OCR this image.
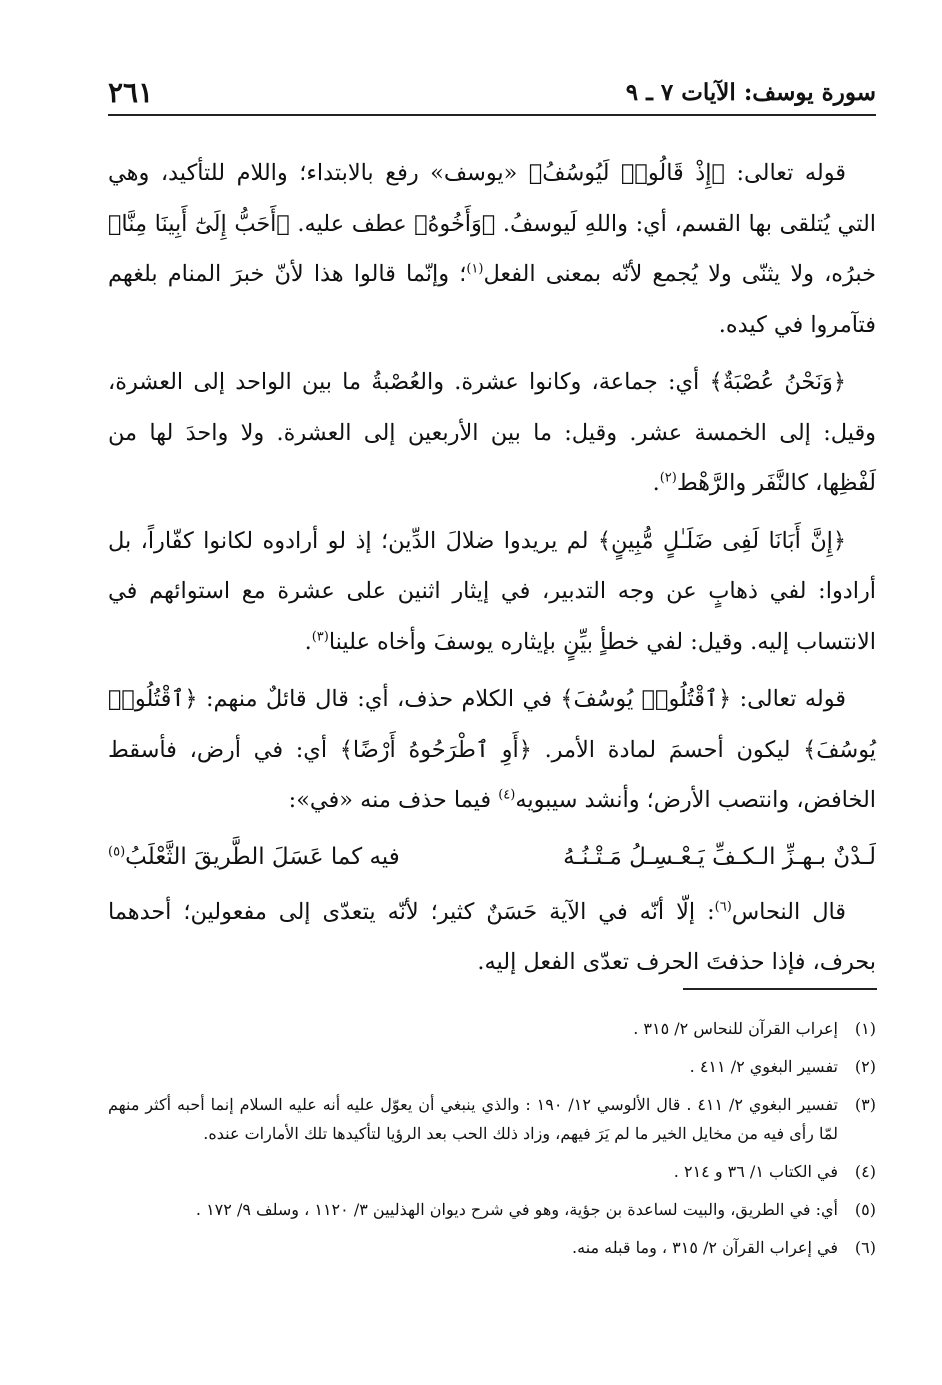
سورة يوسف: الآيات ٧ ـ ٩
٢٦١

قوله تعالى: ﴿إِذْ قَالُوا۟ لَيُوسُفُ﴾ «يوسف» رفع بالابتداء؛ واللام للتأكيد، وهي التي يُتلقى بها القسم، أي: واللهِ لَيوسفُ. ﴿وَأَخُوهُ﴾ عطف عليه. ﴿أَحَبُّ إِلَىٰٓ أَبِينَا مِنَّا﴾ خبرُه، ولا يثنّى ولا يُجمع لأنّه بمعنى الفعل$^{(١)}$؛ وإنّما قالوا هذا لأنّ خبرَ المنام بلغهم فتآمروا في كيده.

﴿وَنَحْنُ عُصْبَةٌ﴾ أي: جماعة، وكانوا عشرة. والعُصْبةُ ما بين الواحد إلى العشرة، وقيل: إلى الخمسة عشر. وقيل: ما بين الأربعين إلى العشرة. ولا واحدَ لها من لَفْظِها، كالنَّفَر والرَّهْط$^{(٢)}$.

﴿إِنَّ أَبَانَا لَفِى ضَلَـٰلٍ مُّبِينٍ﴾ لم يريدوا ضلالَ الدِّين؛ إذ لو أرادوه لكانوا كفّاراً، بل أرادوا: لفي ذهابٍ عن وجه التدبير، في إيثار اثنين على عشرة مع استوائهم في الانتساب إليه. وقيل: لفي خطأٍ بيِّنٍ بإيثاره يوسفَ وأخاه علينا$^{(٣)}$.

قوله تعالى: ﴿ٱقْتُلُوا۟ يُوسُفَ﴾ في الكلام حذف، أي: قال قائلٌ منهم: ﴿ٱقْتُلُوا۟ يُوسُفَ﴾ ليكون أحسمَ لمادة الأمر. ﴿أَوِ ٱطْرَحُوهُ أَرْضًا﴾ أي: في أرض، فأسقط الخافض، وانتصب الأرض؛ وأنشد سيبويه$^{(٤)}$ فيما حذف منه «في»:

لَـدْنٌ بـهـزِّ الـكـفِّ يَـعْـسِـلُ مَـتْـنُـهُ
فيه كما عَسَلَ الطَّريقَ الثَّعْلَبُ$^{(٥)}$

قال النحاس$^{(٦)}$: إلّا أنّه في الآية حَسَنٌ كثير؛ لأنّه يتعدّى إلى مفعولين؛ أحدهما بحرف، فإذا حذفتَ الحرف تعدّى الفعل إليه.

(١)
إعراب القرآن للنحاس ٢/ ٣١٥ .
(٢)
تفسير البغوي ٢/ ٤١١ .
(٣)
تفسير البغوي ٢/ ٤١١ . قال الألوسي ١٢/ ١٩٠ : والذي ينبغي أن يعوّل عليه أنه عليه السلام إنما أحبه أكثر منهم لمّا رأى فيه من مخايل الخير ما لم يَرَ فيهم، وزاد ذلك الحب بعد الرؤيا لتأكيدها تلك الأمارات عنده.
(٤)
في الكتاب ١/ ٣٦ و ٢١٤ .
(٥)
أي: في الطريق، والبيت لساعدة بن جؤية، وهو في شرح ديوان الهذليين ٣/ ١١٢٠ ، وسلف ٩/ ١٧٢ .
(٦)
في إعراب القرآن ٢/ ٣١٥ ، وما قبله منه.
